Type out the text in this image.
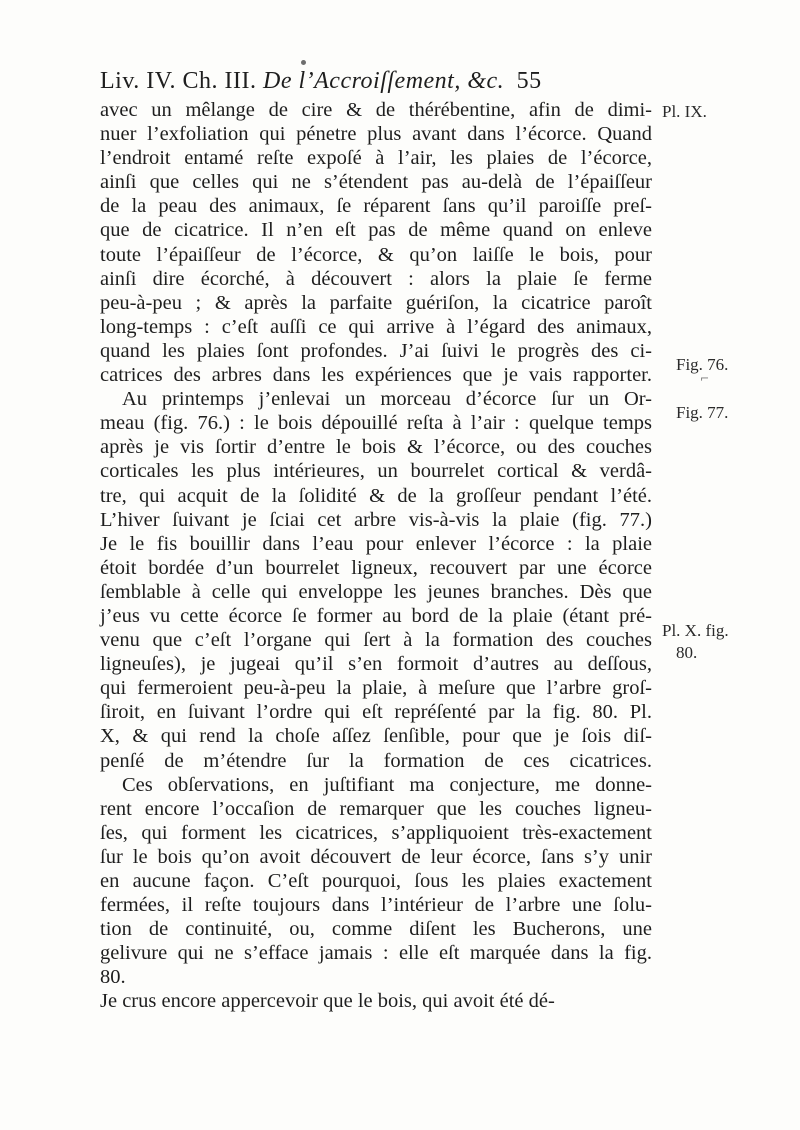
Liv. IV. Ch. III. De l’Accroiſſement, &c. 55
avec un mêlange de cire & de thérébentine, afin de dimi-
nuer l’exfoliation qui pénetre plus avant dans l’écorce. Quand
l’endroit entamé reſte expoſé à l’air, les plaies de l’écorce,
ainſi que celles qui ne s’étendent pas au-delà de l’épaiſſeur
de la peau des animaux, ſe réparent ſans qu’il paroiſſe preſ-
que de cicatrice. Il n’en eſt pas de même quand on enleve
toute l’épaiſſeur de l’écorce, & qu’on laiſſe le bois, pour
ainſi dire écorché, à découvert : alors la plaie ſe ferme
peu-à-peu ; & après la parfaite guériſon, la cicatrice paroît
long-temps : c’eſt auſſi ce qui arrive à l’égard des animaux,
quand les plaies ſont profondes. J’ai ſuivi le progrès des ci-
catrices des arbres dans les expériences que je vais rapporter.
Au printemps j’enlevai un morceau d’écorce ſur un Or-
meau (fig. 76.) : le bois dépouillé reſta à l’air : quelque temps
après je vis ſortir d’entre le bois & l’écorce, ou des couches
corticales les plus intérieures, un bourrelet cortical & verdâ-
tre, qui acquit de la ſolidité & de la groſſeur pendant l’été.
L’hiver ſuivant je ſciai cet arbre vis-à-vis la plaie (fig. 77.)
Je le fis bouillir dans l’eau pour enlever l’écorce : la plaie
étoit bordée d’un bourrelet ligneux, recouvert par une écorce
ſemblable à celle qui enveloppe les jeunes branches. Dès que
j’eus vu cette écorce ſe former au bord de la plaie (étant pré-
venu que c’eſt l’organe qui ſert à la formation des couches
ligneuſes), je jugeai qu’il s’en formoit d’autres au deſſous,
qui fermeroient peu-à-peu la plaie, à meſure que l’arbre groſ-
ſiroit, en ſuivant l’ordre qui eſt repréſenté par la fig. 80. Pl.
X, & qui rend la choſe aſſez ſenſible, pour que je ſois diſ-
penſé de m’étendre ſur la formation de ces cicatrices.
Ces obſervations, en juſtifiant ma conjecture, me donne-
rent encore l’occaſion de remarquer que les couches ligneu-
ſes, qui forment les cicatrices, s’appliquoient très-exactement
ſur le bois qu’on avoit découvert de leur écorce, ſans s’y unir
en aucune façon. C’eſt pourquoi, ſous les plaies exactement
fermées, il reſte toujours dans l’intérieur de l’arbre une ſolu-
tion de continuité, ou, comme diſent les Bucherons, une
gelivure qui ne s’efface jamais : elle eſt marquée dans la fig.
80.
Je crus encore appercevoir que le bois, qui avoit été dé-
Pl. IX.
Fig. 76.
⌐
Fig. 77.
Pl. X. fig.
80.
